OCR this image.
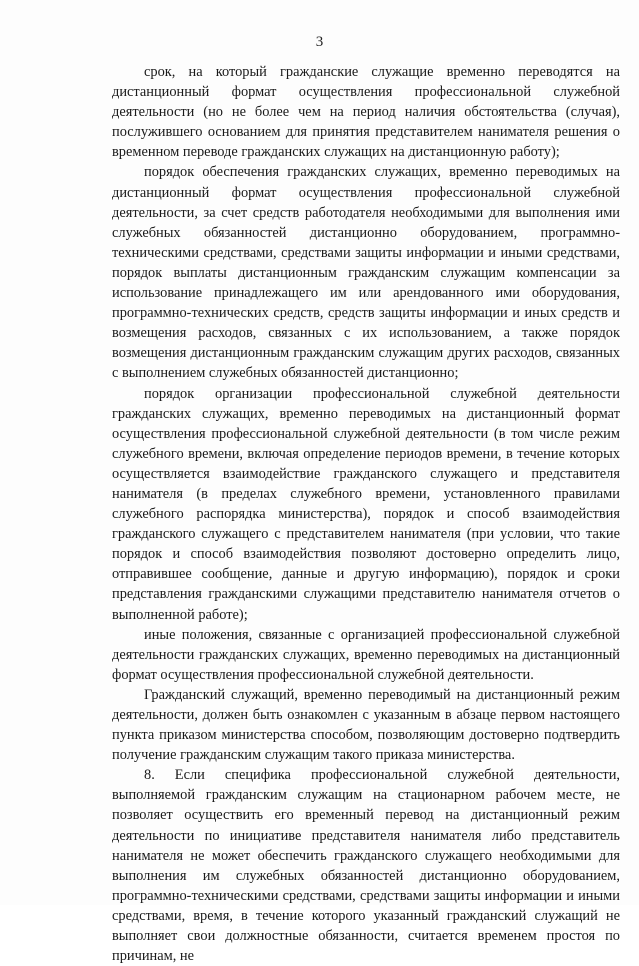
3

срок, на который гражданские служащие временно переводятся на дистанционный формат осуществления профессиональной служебной деятельности (но не более чем на период наличия обстоятельства (случая), послужившего основанием для принятия представителем нанимателя решения о временном переводе гражданских служащих на дистанционную работу);

порядок обеспечения гражданских служащих, временно переводимых на дистанционный формат осуществления профессиональной служебной деятельности, за счет средств работодателя необходимыми для выполнения ими служебных обязанностей дистанционно оборудованием, программно-техническими средствами, средствами защиты информации и иными средствами, порядок выплаты дистанционным гражданским служащим компенсации за использование принадлежащего им или арендованного ими оборудования, программно-технических средств, средств защиты информации и иных средств и возмещения расходов, связанных с их использованием, а также порядок возмещения дистанционным гражданским служащим других расходов, связанных с выполнением служебных обязанностей дистанционно;

порядок организации профессиональной служебной деятельности гражданских служащих, временно переводимых на дистанционный формат осуществления профессиональной служебной деятельности (в том числе режим служебного времени, включая определение периодов времени, в течение которых осуществляется взаимодействие гражданского служащего и представителя нанимателя (в пределах служебного времени, установленного правилами служебного распорядка министерства), порядок и способ взаимодействия гражданского служащего с представителем нанимателя (при условии, что такие порядок и способ взаимодействия позволяют достоверно определить лицо, отправившее сообщение, данные и другую информацию), порядок и сроки представления гражданскими служащими представителю нанимателя отчетов о выполненной работе);

иные положения, связанные с организацией профессиональной служебной деятельности гражданских служащих, временно переводимых на дистанционный формат осуществления профессиональной служебной деятельности.

Гражданский служащий, временно переводимый на дистанционный режим деятельности, должен быть ознакомлен с указанным в абзаце первом настоящего пункта приказом министерства способом, позволяющим достоверно подтвердить получение гражданским служащим такого приказа министерства.

8. Если специфика профессиональной служебной деятельности, выполняемой гражданским служащим на стационарном рабочем месте, не позволяет осуществить его временный перевод на дистанционный режим деятельности по инициативе представителя нанимателя либо представитель нанимателя не может обеспечить гражданского служащего необходимыми для выполнения им служебных обязанностей дистанционно оборудованием, программно-техническими средствами, средствами защиты информации и иными средствами, время, в течение которого указанный гражданский служащий не выполняет свои должностные обязанности, считается временем простоя по причинам, не
